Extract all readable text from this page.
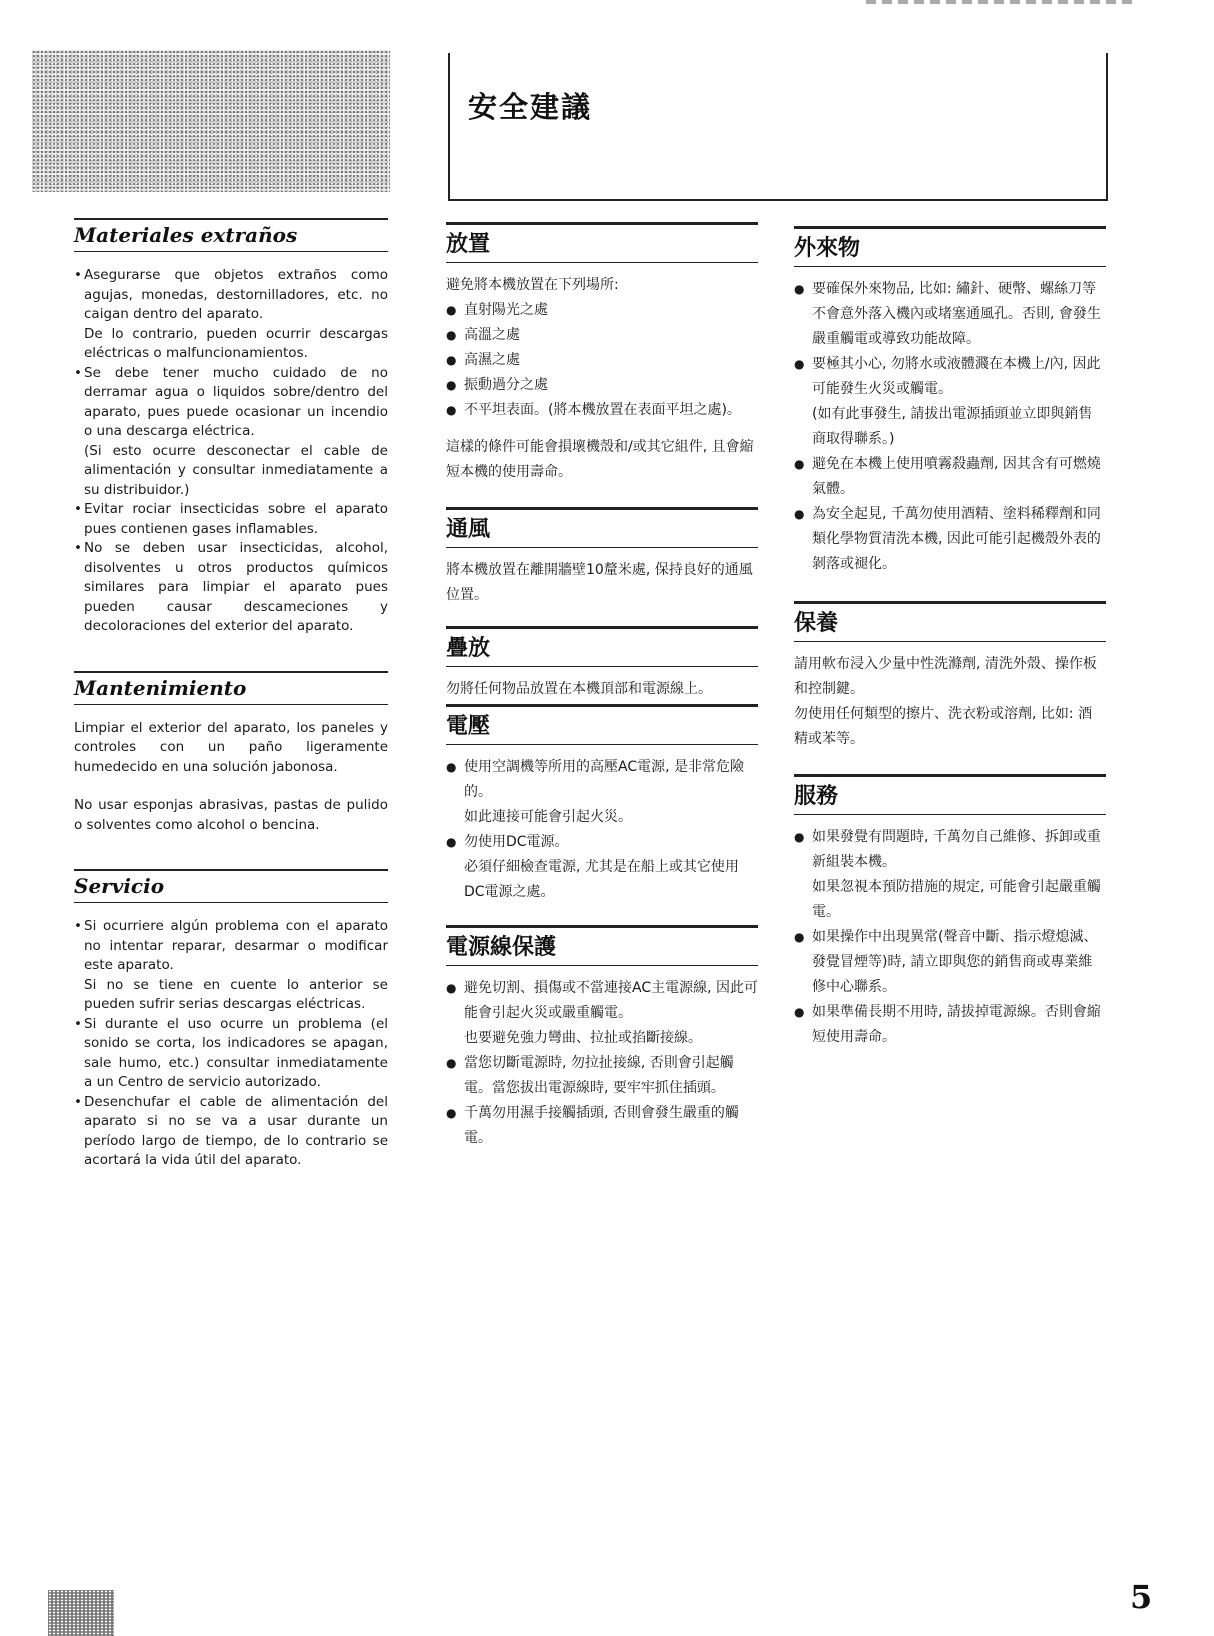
安全建議
Materiales extraños
• Asegurarse que objetos extraños como agujas, monedas, destornilladores, etc. no caigan dentro del aparato.
De lo contrario, pueden ocurrir descargas eléctricas o malfuncionamientos.
• Se debe tener mucho cuidado de no derramar agua o liquidos sobre/dentro del aparato, pues puede ocasionar un incendio o una descarga eléctrica.
(Si esto ocurre desconectar el cable de alimentación y consultar inmediatamente a su distribuidor.)
• Evitar rociar insecticidas sobre el aparato pues contienen gases inflamables.
• No se deben usar insecticidas, alcohol, disolventes u otros productos químicos similares para limpiar el aparato pues pueden causar descameciones y decoloraciones del exterior del aparato.
Mantenimiento

Limpiar el exterior del aparato, los paneles y controles con un paño ligeramente humedecido en una solución jabonosa.

No usar esponjas abrasivas, pastas de pulido o solventes como alcohol o bencina.

Servicio
• Si ocurriere algún problema con el aparato no intentar reparar, desarmar o modificar este aparato.
Si no se tiene en cuente lo anterior se pueden sufrir serias descargas eléctricas.
• Si durante el uso ocurre un problema (el sonido se corta, los indicadores se apagan, sale humo, etc.) consultar inmediatamente a un Centro de servicio autorizado.
• Desenchufar el cable de alimentación del aparato si no se va a usar durante un período largo de tiempo, de lo contrario se acortará la vida útil del aparato.
放置

避免將本機放置在下列場所:

● 直射陽光之處
● 高溫之處
● 高濕之處
● 振動過分之處
● 不平坦表面。(將本機放置在表面平坦之處)。

這樣的條件可能會損壞機殼和/或其它組件, 且會縮短本機的使用壽命。

通風

將本機放置在離開牆壁10釐米處, 保持良好的通風位置。

疊放

勿將任何物品放置在本機頂部和電源線上。

電壓
● 使用空調機等所用的高壓AC電源, 是非常危險的。
如此連接可能會引起火災。
● 勿使用DC電源。
必須仔細檢查電源, 尤其是在船上或其它使用DC電源之處。
電源線保護
● 避免切割、損傷或不當連接AC主電源線, 因此可能會引起火災或嚴重觸電。
也要避免強力彎曲、拉扯或掐斷接線。
● 當您切斷電源時, 勿拉扯接線, 否則會引起觸電。當您拔出電源線時, 要牢牢抓住插頭。
● 千萬勿用濕手接觸插頭, 否則會發生嚴重的觸電。
外來物
● 要確保外來物品, 比如: 繡針、硬幣、螺絲刀等不會意外落入機內或堵塞通風孔。否則, 會發生嚴重觸電或導致功能故障。
● 要極其小心, 勿將水或液體濺在本機上/內, 因此可能發生火災或觸電。
(如有此事發生, 請拔出電源插頭並立即與銷售商取得聯系。)
● 避免在本機上使用噴霧殺蟲劑, 因其含有可燃燒氣體。
● 為安全起見, 千萬勿使用酒精、塗料稀釋劑和同類化學物質清洗本機, 因此可能引起機殼外表的剝落或褪化。
保養

請用軟布浸入少量中性洗滌劑, 清洗外殼、操作板和控制鍵。

勿使用任何類型的擦片、洗衣粉或溶劑, 比如: 酒精或苯等。

服務
● 如果發覺有問題時, 千萬勿自己維修、拆卸或重新組裝本機。
如果忽視本預防措施的規定, 可能會引起嚴重觸電。
● 如果操作中出現異常(聲音中斷、指示燈熄滅、發覺冒煙等)時, 請立即與您的銷售商或專業維修中心聯系。
● 如果準備長期不用時, 請拔掉電源線。否則會縮短使用壽命。
5
